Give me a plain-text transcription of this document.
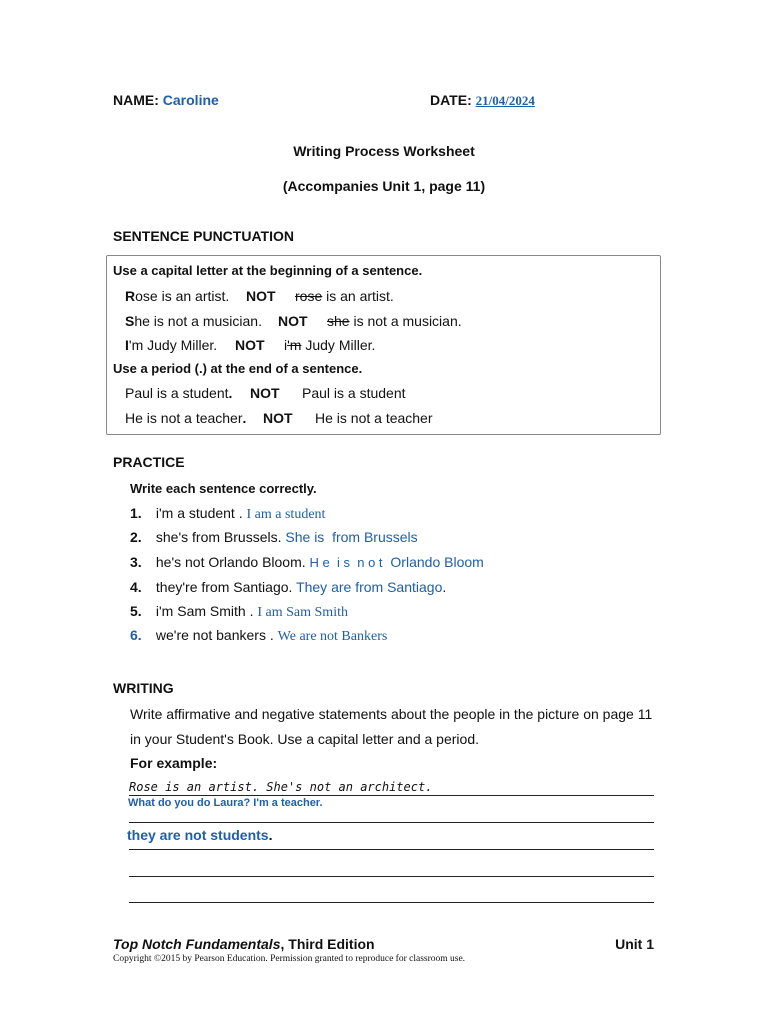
NAME: Caroline	DATE: 21/04/2024
Writing Process Worksheet
(Accompanies Unit 1, page 11)
SENTENCE PUNCTUATION
Use a capital letter at the beginning of a sentence.
Rose is an artist. NOT rose is an artist.
She is not a musician. NOT she is not a musician.
I'm Judy Miller. NOT i'm Judy Miller.
Use a period (.) at the end of a sentence.
Paul is a student. NOT Paul is a student
He is not a teacher. NOT He is not a teacher
PRACTICE
Write each sentence correctly.
1. i'm a student . I am a student
2. she's from Brussels. She is  from Brussels
3. he's not Orlando Bloom. H e  i s  n o t Orlando Bloom
4. they're from Santiago. They are from Santiago.
5. i'm Sam Smith . I am Sam Smith
6. we're not bankers . We are not Bankers
WRITING
Write affirmative and negative statements about the people in the picture on page 11
in your Student's Book. Use a capital letter and a period.
For example:
Rose is an artist. She's not an architect.
What do you do Laura? I'm a teacher.
they are not students.
Top Notch Fundamentals, Third Edition	Unit 1
Copyright ©2015 by Pearson Education. Permission granted to reproduce for classroom use.
